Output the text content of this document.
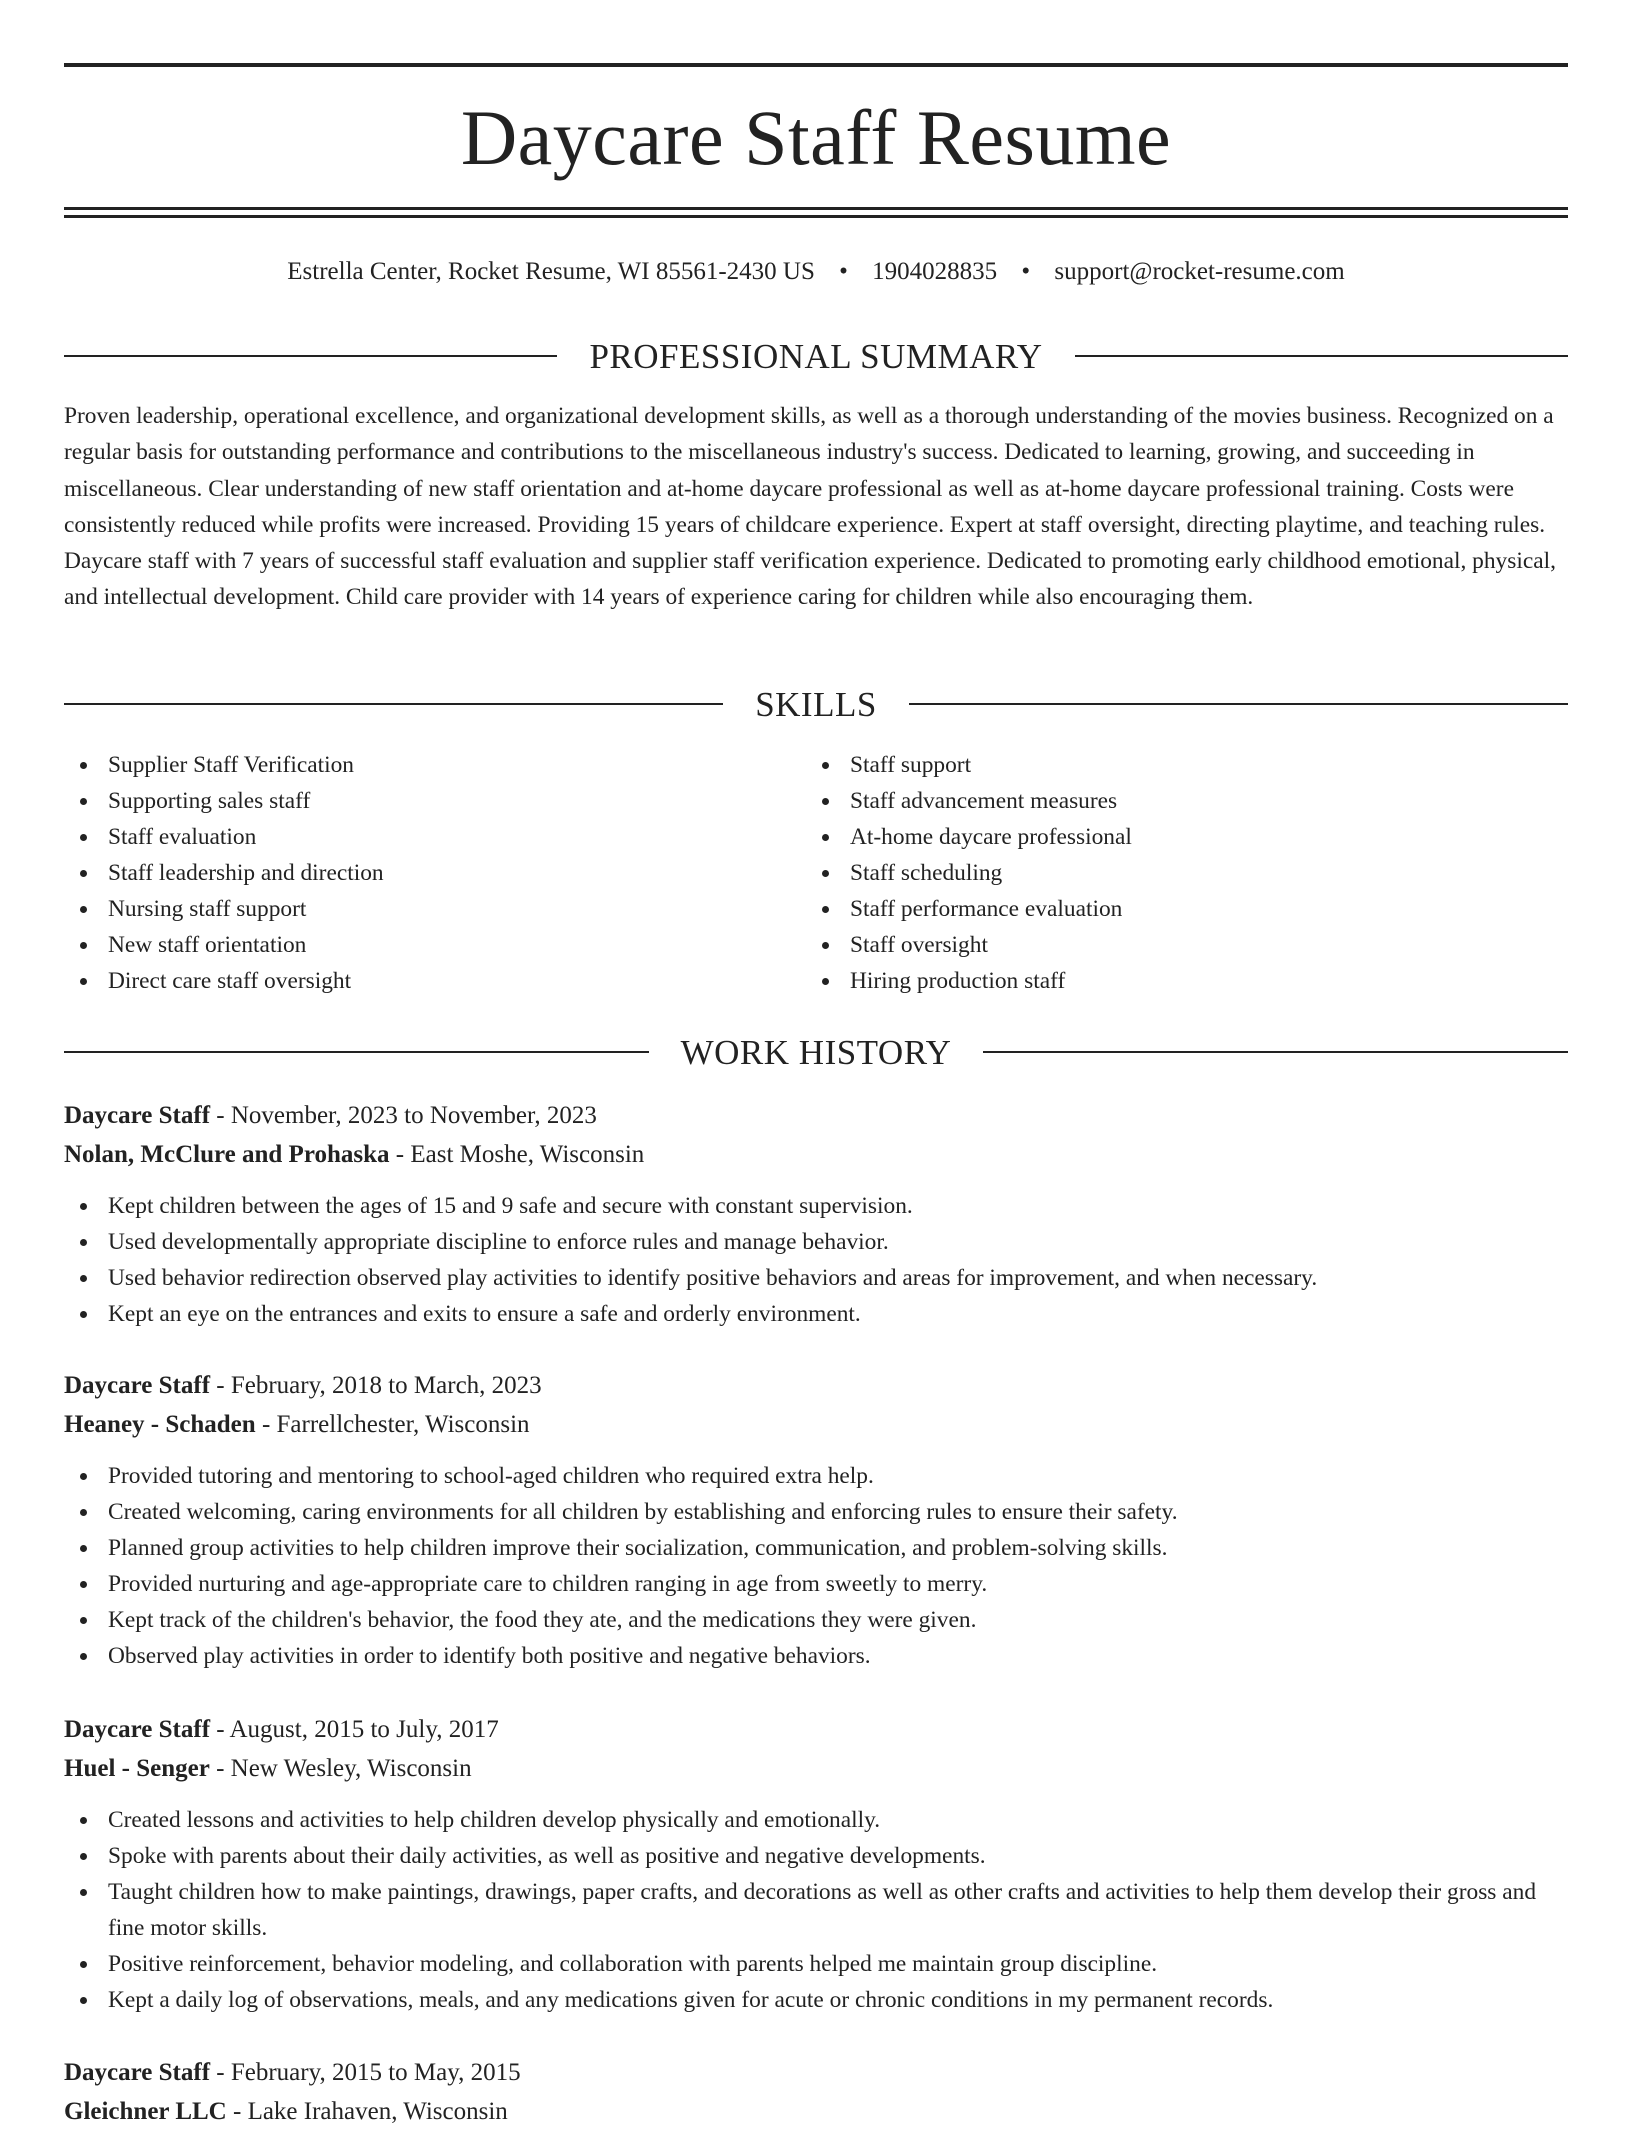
Daycare Staff Resume
Estrella Center, Rocket Resume, WI 85561-2430 US • 1904028835 • support@rocket-resume.com
PROFESSIONAL SUMMARY

Proven leadership, operational excellence, and organizational development skills, as well as a thorough understanding of the movies business. Recognized on a regular basis for outstanding performance and contributions to the miscellaneous industry's success. Dedicated to learning, growing, and succeeding in miscellaneous. Clear understanding of new staff orientation and at-home daycare professional as well as at-home daycare professional training. Costs were consistently reduced while profits were increased. Providing 15 years of childcare experience. Expert at staff oversight, directing playtime, and teaching rules. Daycare staff with 7 years of successful staff evaluation and supplier staff verification experience. Dedicated to promoting early childhood emotional, physical, and intellectual development. Child care provider with 14 years of experience caring for children while also encouraging them.

SKILLS
Supplier Staff Verification
Supporting sales staff
Staff evaluation
Staff leadership and direction
Nursing staff support
New staff orientation
Direct care staff oversight
Staff support
Staff advancement measures
At-home daycare professional
Staff scheduling
Staff performance evaluation
Staff oversight
Hiring production staff
WORK HISTORY
Daycare Staff - November, 2023 to November, 2023
Nolan, McClure and Prohaska - East Moshe, Wisconsin
Kept children between the ages of 15 and 9 safe and secure with constant supervision.
Used developmentally appropriate discipline to enforce rules and manage behavior.
Used behavior redirection observed play activities to identify positive behaviors and areas for improvement, and when necessary.
Kept an eye on the entrances and exits to ensure a safe and orderly environment.
Daycare Staff - February, 2018 to March, 2023
Heaney - Schaden - Farrellchester, Wisconsin
Provided tutoring and mentoring to school-aged children who required extra help.
Created welcoming, caring environments for all children by establishing and enforcing rules to ensure their safety.
Planned group activities to help children improve their socialization, communication, and problem-solving skills.
Provided nurturing and age-appropriate care to children ranging in age from sweetly to merry.
Kept track of the children's behavior, the food they ate, and the medications they were given.
Observed play activities in order to identify both positive and negative behaviors.
Daycare Staff - August, 2015 to July, 2017
Huel - Senger - New Wesley, Wisconsin
Created lessons and activities to help children develop physically and emotionally.
Spoke with parents about their daily activities, as well as positive and negative developments.
Taught children how to make paintings, drawings, paper crafts, and decorations as well as other crafts and activities to help them develop their gross and fine motor skills.
Positive reinforcement, behavior modeling, and collaboration with parents helped me maintain group discipline.
Kept a daily log of observations, meals, and any medications given for acute or chronic conditions in my permanent records.
Daycare Staff - February, 2015 to May, 2015
Gleichner LLC - Lake Irahaven, Wisconsin
